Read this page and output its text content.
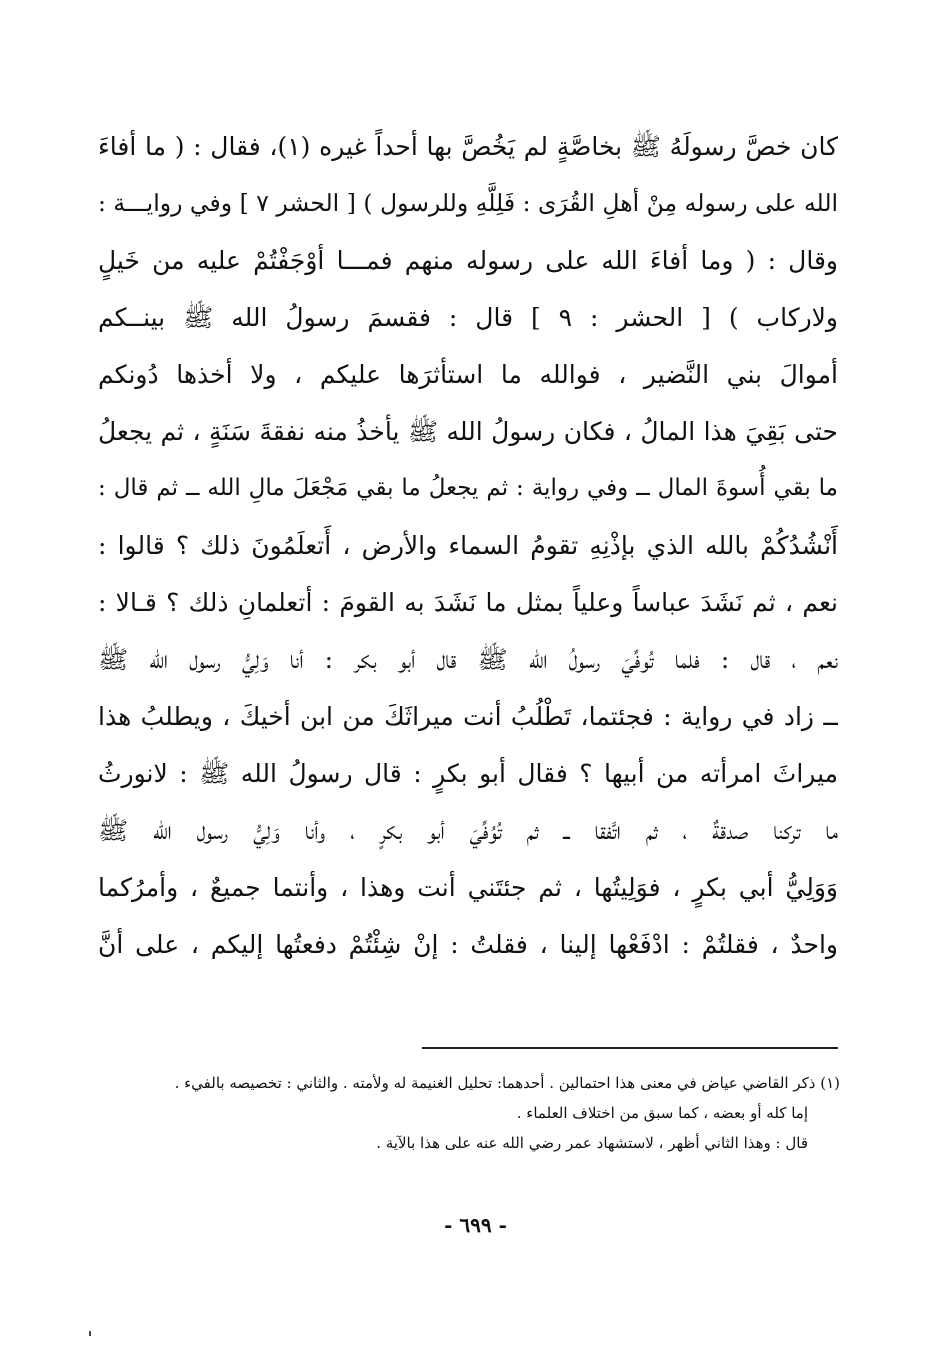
كان خصَّ رسولَهُ ﷺ بخاصَّةٍ لم يَخُصَّ بها أحداً غيره (١)، فقال : ( ما أفاءَ
الله على رسوله مِنْ أهلِ القُرَى : فَلِلَّهِ وللرسول ) [ الحشر ٧ ] وفي روايـــة :
وقال : ( وما أفاءَ الله على رسوله منهم فمـــا أوْجَفْتُمْ عليه من خَيلٍ
ولاركاب ) [ الحشر : ٩ ] قال : فقسمَ رسولُ الله ﷺ بينــكم
أموالَ بني النَّضير ، فوالله ما استأثرَها عليكم ، ولا أخذها دُونكم
حتى بَقِيَ هذا المالُ ، فكان رسولُ الله ﷺ يأخذُ منه نفقةَ سَنَةٍ ، ثم يجعلُ
ما بقي أُسوةَ المال ــ وفي رواية : ثم يجعلُ ما بقي مَجْعَلَ مالِ الله ــ ثم قال :
أَنْشُدُكُمْ بالله الذي بإذْنِهِ تقومُ السماء والأرض ، أَتعلَمُونَ ذلك ؟ قالوا :
نعم ، ثم نَشَدَ عباساً وعلياً بمثل ما نَشَدَ به القومَ : أتعلمانِ ذلك ؟ قـالا :
نعم ، قال : فلما تُوفِّيَ رسولُ الله ﷺ قال أبو بكر : أنا وَلِيُّ رسول الله ﷺ
ــ زاد في رواية : فجئتما، تَطْلُبُ أنت ميراثَكَ من ابن أخيكَ ، ويطلبُ هذا
ميراثَ امرأته من أبيها ؟ فقال أبو بكرٍ : قال رسولُ الله ﷺ : لانورثُ
ما تركنا صدقةٌ ، ثم اتَّفقا ــ ثم تُوُفِّيَ أبو بكرٍ ، وأنا وَلِيُّ رسول الله ﷺ
وَوَلِيُّ أبي بكرٍ ، فوَلِيتُها ، ثم جئتَني أنت وهذا ، وأنتما جميعٌ ، وأمرُكما
واحدٌ ، فقلتُمْ : ادْفَعْها إلينا ، فقلتُ : إنْ شِئْتُمْ دفعتُها إليكم ، على أنَّ
(١) ذكر القاضي عياض في معنى هذا احتمالين . أحدهما: تحليل الغنيمة له ولأمته . والثاني : تخصيصه بالفيء .
إما كله أو بعضه ، كما سبق من اختلاف العلماء .
قال : وهذا الثاني أظهر ، لاستشهاد عمر رضي الله عنه على هذا بالآية .
- ٦٩٩ -
